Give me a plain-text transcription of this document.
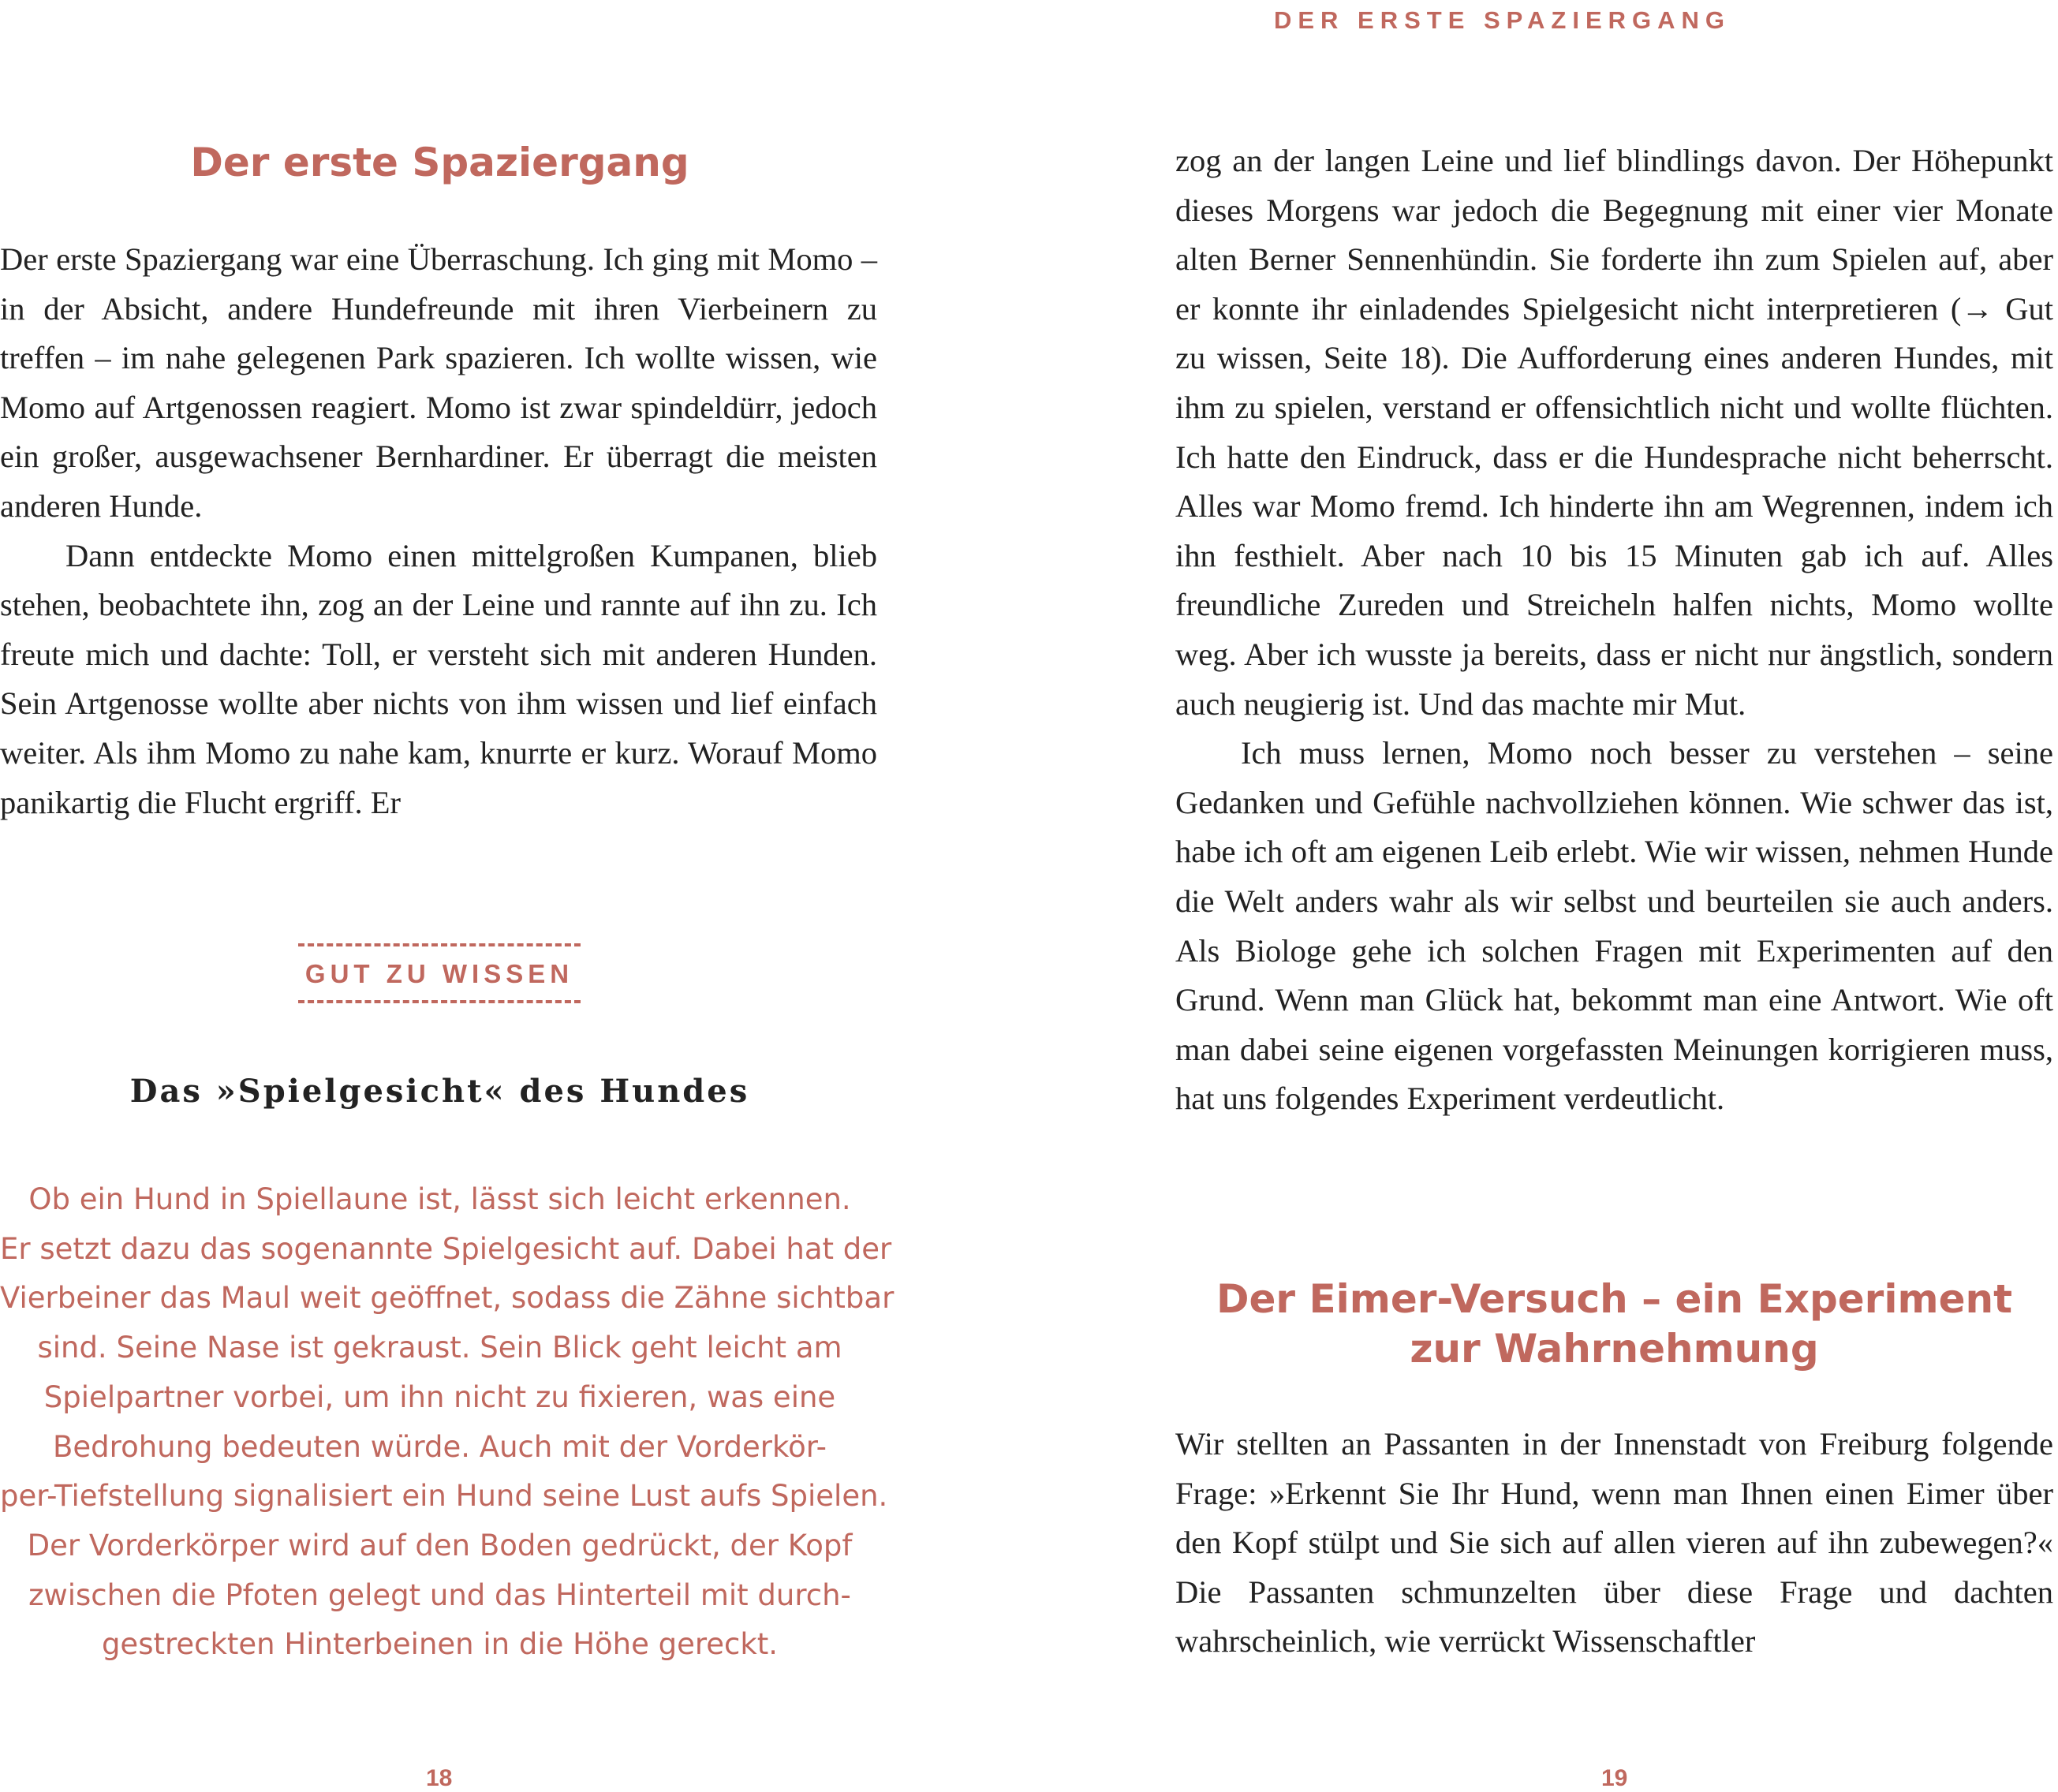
DER ERSTE SPAZIERGANG
Der erste Spaziergang

Der erste Spaziergang war eine Überraschung. Ich ging mit Momo – in der Absicht, andere Hundefreunde mit ihren Vierbeinern zu treffen – im nahe gelegenen Park spazieren. Ich wollte wissen, wie Momo auf Artgenossen reagiert. Momo ist zwar spindeldürr, jedoch ein großer, ausgewachsener Bernhardiner. Er überragt die meisten anderen Hunde.

Dann entdeckte Momo einen mittelgroßen Kumpanen, blieb stehen, beobachtete ihn, zog an der Leine und rannte auf ihn zu. Ich freute mich und dachte: Toll, er versteht sich mit anderen Hunden. Sein Artgenosse wollte aber nichts von ihm wissen und lief einfach weiter. Als ihm Momo zu nahe kam, knurrte er kurz. Worauf Momo panikartig die Flucht ergriff. Er

GUT ZU WISSEN
Das »Spielgesicht« des Hundes
Ob ein Hund in Spiellaune ist, lässt sich leicht erkennen.
Er setzt dazu das sogenannte Spielgesicht auf. Dabei hat der
Vierbeiner das Maul weit geöffnet, sodass die Zähne sichtbar
sind. Seine Nase ist gekraust. Sein Blick geht leicht am
Spielpartner vorbei, um ihn nicht zu fixieren, was eine
Bedrohung bedeuten würde. Auch mit der Vorderkör-
per-Tiefstellung signalisiert ein Hund seine Lust aufs Spielen.
Der Vorderkörper wird auf den Boden gedrückt, der Kopf
zwischen die Pfoten gelegt und das Hinterteil mit durch-
gestreckten Hinterbeinen in die Höhe gereckt.
18

zog an der langen Leine und lief blindlings davon. Der Höhepunkt dieses Morgens war jedoch die Begegnung mit einer vier Monate alten Berner Sennenhündin. Sie forderte ihn zum Spielen auf, aber er konnte ihr einladendes Spielgesicht nicht interpretieren (→ Gut zu wissen, Seite 18). Die Aufforderung eines anderen Hundes, mit ihm zu spielen, verstand er offensichtlich nicht und wollte flüchten. Ich hatte den Eindruck, dass er die Hundesprache nicht beherrscht. Alles war Momo fremd. Ich hinderte ihn am Wegrennen, indem ich ihn festhielt. Aber nach 10 bis 15 Minuten gab ich auf. Alles freundliche Zureden und Streicheln halfen nichts, Momo wollte weg. Aber ich wusste ja bereits, dass er nicht nur ängstlich, sondern auch neugierig ist. Und das machte mir Mut.

Ich muss lernen, Momo noch besser zu verstehen – seine Gedanken und Gefühle nachvollziehen können. Wie schwer das ist, habe ich oft am eigenen Leib erlebt. Wie wir wissen, nehmen Hunde die Welt anders wahr als wir selbst und beurteilen sie auch anders. Als Biologe gehe ich solchen Fragen mit Experimenten auf den Grund. Wenn man Glück hat, bekommt man eine Antwort. Wie oft man dabei seine eigenen vorgefassten Meinungen korrigieren muss, hat uns folgendes Experiment verdeutlicht.

Der Eimer-Versuch – ein Experiment
zur Wahrnehmung

Wir stellten an Passanten in der Innenstadt von Freiburg folgende Frage: »Erkennt Sie Ihr Hund, wenn man Ihnen einen Eimer über den Kopf stülpt und Sie sich auf allen vieren auf ihn zubewegen?« Die Passanten schmunzelten über diese Frage und dachten wahrscheinlich, wie verrückt Wissenschaftler

19
